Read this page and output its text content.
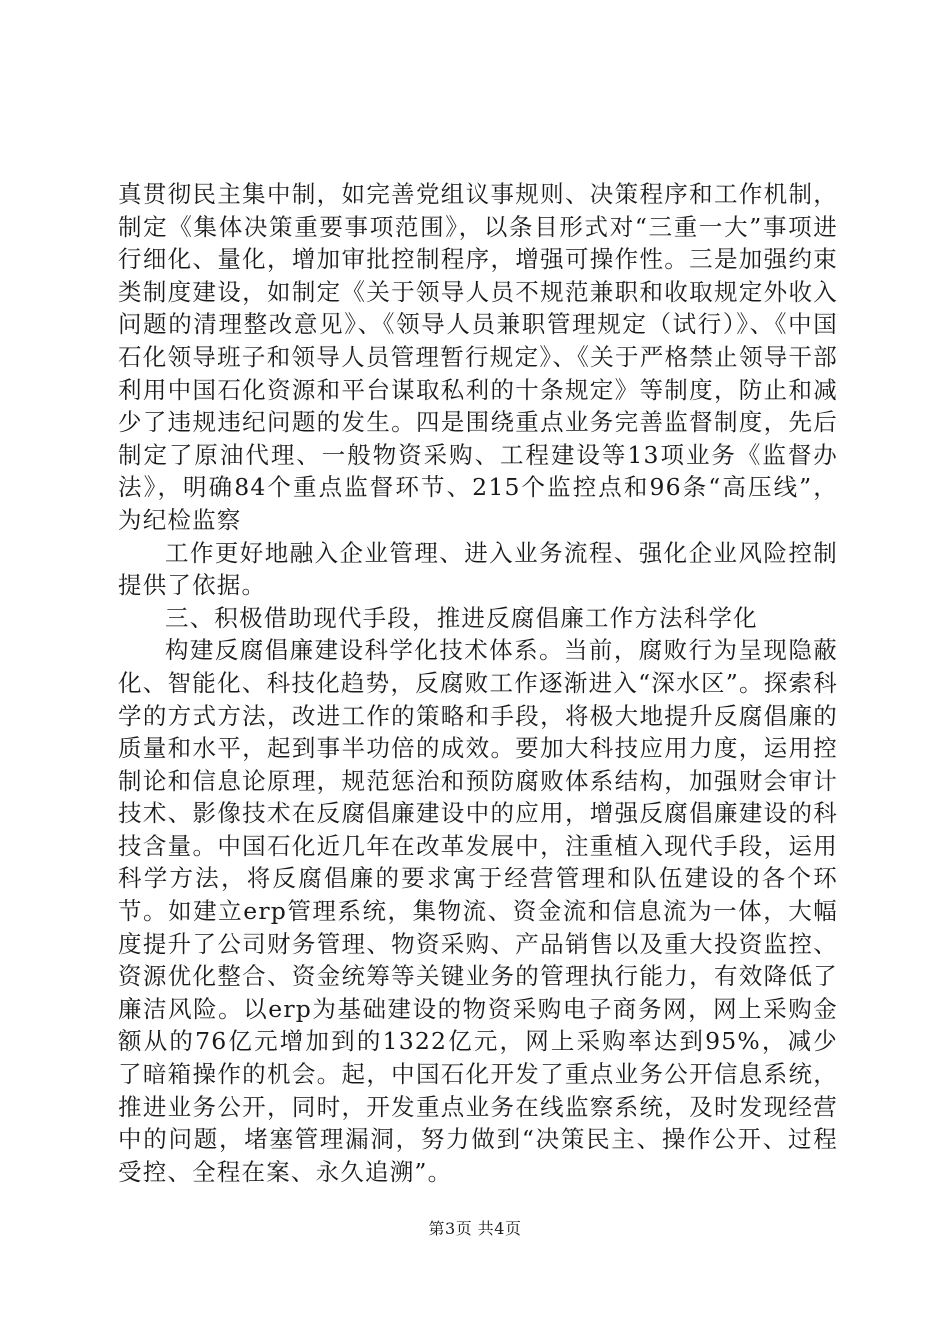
真贯彻民主集中制，如完善党组议事规则、决策程序和工作机制，制定《集体决策重要事项范围》，以条目形式对“三重一大”事项进行细化、量化，增加审批控制程序，增强可操作性。三是加强约束类制度建设，如制定《关于领导人员不规范兼职和收取规定外收入问题的清理整改意见》、《领导人员兼职管理规定（试行）》、《中国石化领导班子和领导人员管理暂行规定》、《关于严格禁止领导干部利用中国石化资源和平台谋取私利的十条规定》等制度，防止和减少了违规违纪问题的发生。四是围绕重点业务完善监督制度，先后制定了原油代理、一般物资采购、工程建设等13项业务《监督办法》，明确84个重点监督环节、215个监控点和96条“高压线”，为纪检监察

工作更好地融入企业管理、进入业务流程、强化企业风险控制提供了依据。

三、积极借助现代手段，推进反腐倡廉工作方法科学化

构建反腐倡廉建设科学化技术体系。当前，腐败行为呈现隐蔽化、智能化、科技化趋势，反腐败工作逐渐进入“深水区”。探索科学的方式方法，改进工作的策略和手段，将极大地提升反腐倡廉的质量和水平，起到事半功倍的成效。要加大科技应用力度，运用控制论和信息论原理，规范惩治和预防腐败体系结构，加强财会审计技术、影像技术在反腐倡廉建设中的应用，增强反腐倡廉建设的科技含量。中国石化近几年在改革发展中，注重植入现代手段，运用科学方法，将反腐倡廉的要求寓于经营管理和队伍建设的各个环节。如建立erp管理系统，集物流、资金流和信息流为一体，大幅度提升了公司财务管理、物资采购、产品销售以及重大投资监控、资源优化整合、资金统筹等关键业务的管理执行能力，有效降低了廉洁风险。以erp为基础建设的物资采购电子商务网，网上采购金额从的76亿元增加到的1322亿元，网上采购率达到95%，减少了暗箱操作的机会。起，中国石化开发了重点业务公开信息系统，推进业务公开，同时，开发重点业务在线监察系统，及时发现经营中的问题，堵塞管理漏洞，努力做到“决策民主、操作公开、过程受控、全程在案、永久追溯”。

第3页 共4页
